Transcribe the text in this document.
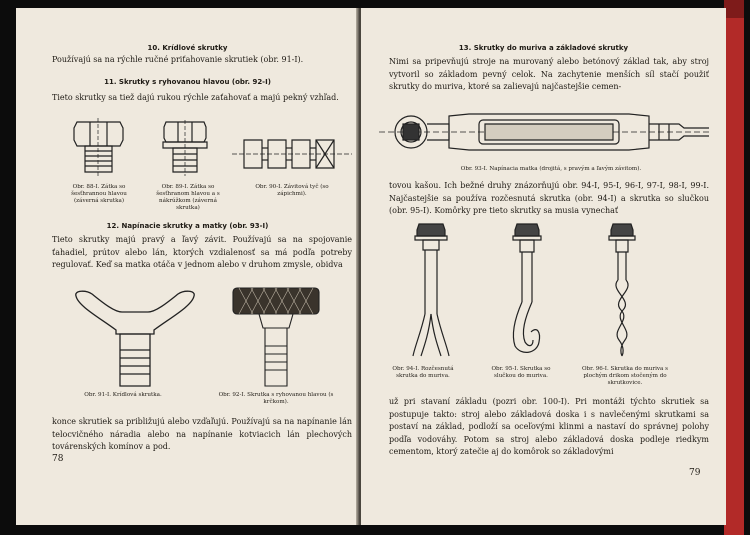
10. Krídlové skrutky
Používajú sa na rýchle ručné priťahovanie skrutiek (obr. 91-I).
11. Skrutky s ryhovanou hlavou (obr. 92-I)
Tieto skrutky sa tiež dajú rukou rýchle zaťahovať a majú pekný vzhľad.
Obr. 88-I. Zátka so šesťhrannou hlavou (záverná skrutka)
Obr. 89-I. Zátka so šesťhranom hlavou a s nákrúžkom (záverná skrutka)
Obr. 90-I. Závitová tyč (so zápichmi).
12. Napínacie skrutky a matky (obr. 93-I)
Tieto skrutky majú pravý a ľavý závit. Používajú sa na spojovanie ťahadiel, prútov alebo lán, ktorých vzdialenosť sa má podľa potreby regulovať. Keď sa matka otáča v jednom alebo v druhom zmysle, obidva
Obr. 91-I. Krídlová skrutka.	Obr. 92-I. Skrutka s ryhovanou hlavou (s krčkom).
konce skrutiek sa približujú alebo vzďaľujú. Používajú sa na napínanie lán telocvičného náradia alebo na napínanie kotviacich lán plechových továrenských komínov a pod.
78
13. Skrutky do muriva a základové skrutky
Nimi sa pripevňujú stroje na murovaný alebo betónový základ tak, aby stroj vytvoril so základom pevný celok. Na zachytenie menších síl stačí použiť skrutky do muriva, ktoré sa zalievajú najčastejšie cemen-
Obr. 93-I. Napínacia matka (drojitá, s pravým a ľavým závitom).
tovou kašou. Ich bežné druhy znázorňujú obr. 94-I, 95-I, 96-I, 97-I, 98-I, 99-I. Najčastejšie sa používa rozčesnutá skrutka (obr. 94-I) a skrutka so slučkou (obr. 95-I). Komôrky pre tieto skrutky sa musia vynechať
Obr. 94-I. Rozčesnutá skrutka do muriva.
Obr. 95-I. Skrutka so slučkou do muriva.
Obr. 96-I. Skrutka do muriva s plochým drikom stočeným do skrutkovice.
už pri stavaní základu (pozri obr. 100-I). Pri montáži týchto skrutiek sa postupuje takto: stroj alebo základová doska i s navlečenými skrutkami sa postaví na základ, podloží sa oceľovými klinmi a nastaví do správnej polohy podľa vodováhy. Potom sa stroj alebo základová doska podleje riedkym cementom, ktorý zatečie aj do komôrok so základovými
79
